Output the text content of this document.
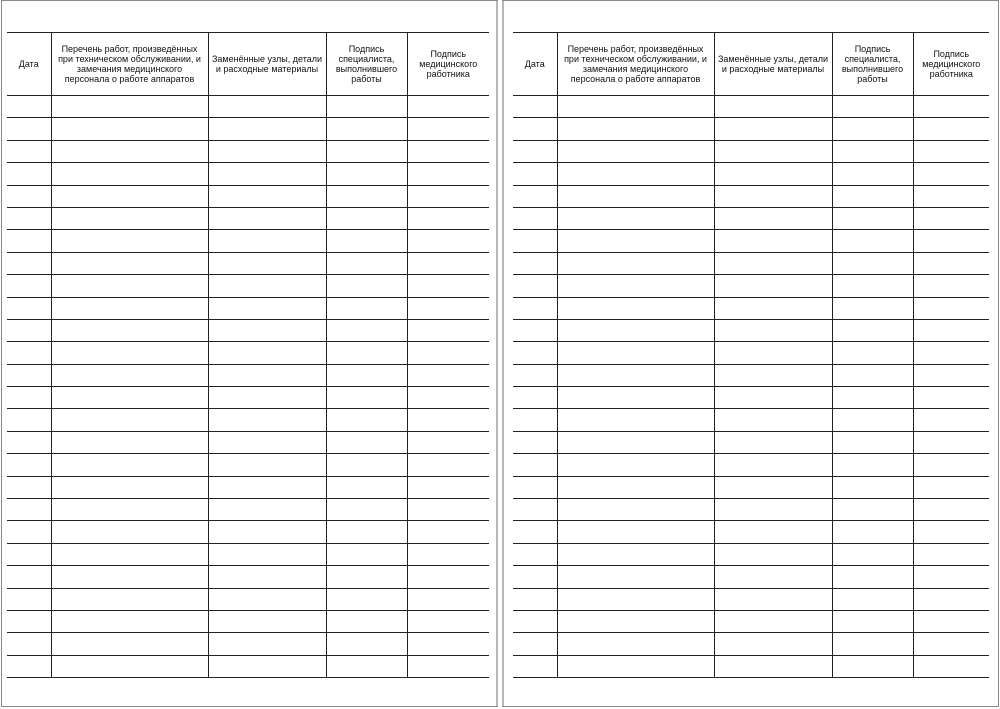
Дата	Перечень работ, произведённых при техническом обслуживании, и замечания медицинского персонала о работе аппаратов	Заменённые узлы, детали и расходные материалы	Подпись специалиста, выполнившего работы	Подпись медицинского работника

Дата	Перечень работ, произведённых при техническом обслуживании, и замечания медицинского персонала о работе аппаратов	Заменённые узлы, детали и расходные материалы	Подпись специалиста, выполнившего работы	Подпись медицинского работника
